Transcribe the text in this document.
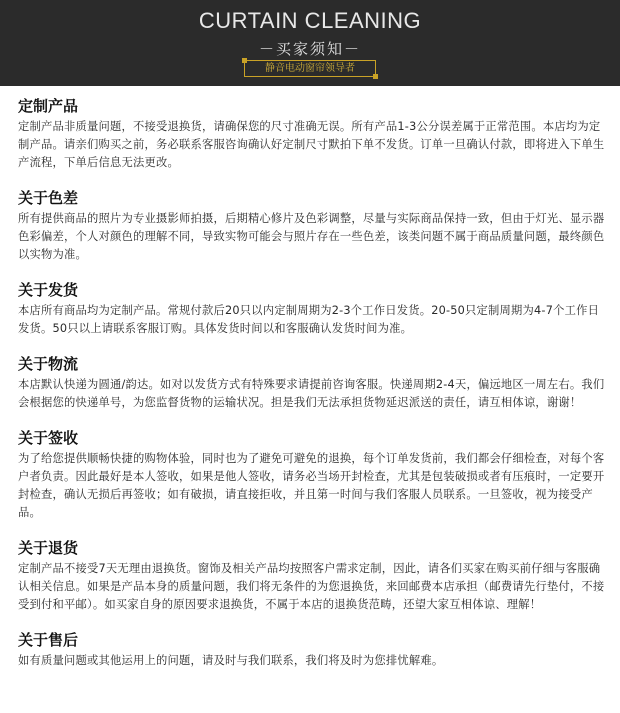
CURTAIN CLEANING
－买家须知－
静音电动窗帘领导者
定制产品
定制产品非质量问题，不接受退换货，请确保您的尺寸准确无误。所有产品1-3公分误差属于正常范围。本店均为定制产品。请亲们购买之前，务必联系客服咨询确认好定制尺寸默拍下单不发货。订单一旦确认付款，即将进入下单生产流程，下单后信息无法更改。
关于色差
所有提供商品的照片为专业摄影师拍摄，后期精心修片及色彩调整，尽量与实际商品保持一致，但由于灯光、显示器色彩偏差，个人对颜色的理解不同，导致实物可能会与照片存在一些色差，该类问题不属于商品质量问题，最终颜色以实物为准。
关于发货
本店所有商品均为定制产品。常规付款后20只以内定制周期为2-3个工作日发货。20-50只定制周期为4-7个工作日发货。50只以上请联系客服订购。具体发货时间以和客服确认发货时间为准。
关于物流
本店默认快递为圆通/韵达。如对以发货方式有特殊要求请提前咨询客服。快递周期2-4天，偏远地区一周左右。我们会根据您的快递单号，为您监督货物的运输状况。担是我们无法承担货物延迟派送的责任，请互相体谅，谢谢！
关于签收
为了给您提供顺畅快捷的购物体验，同时也为了避免可避免的退换，每个订单发货前，我们都会仔细检查，对每个客户者负责。因此最好是本人签收，如果是他人签收，请务必当场开封检查，尤其是包装破损或者有压痕时，一定要开封检查，确认无损后再签收；如有破损，请直接拒收，并且第一时间与我们客服人员联系。一旦签收，视为接受产品。
关于退货
定制产品不接受7天无理由退换货。窗饰及相关产品均按照客户需求定制，因此，请各们买家在购买前仔细与客服确认相关信息。如果是产品本身的质量问题，我们将无条件的为您退换货，来回邮费本店承担（邮费请先行垫付，不接受到付和平邮）。如买家自身的原因要求退换货，不属于本店的退换货范畴，还望大家互相体谅、理解！
关于售后
如有质量问题或其他运用上的问题，请及时与我们联系，我们将及时为您排忧解难。
